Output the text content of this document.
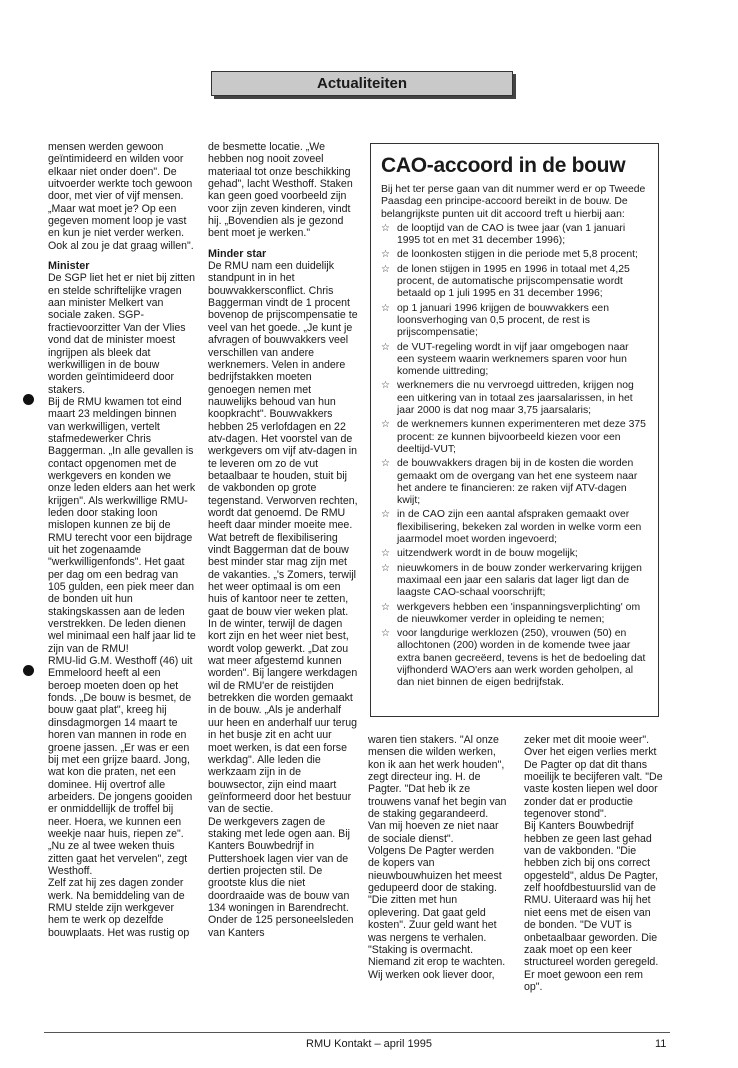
Actualiteiten

mensen werden gewoon geïntimideerd en wilden voor elkaar niet onder doen". De uitvoerder werkte toch gewoon door, met vier of vijf mensen. „Maar wat moet je? Op een gegeven moment loop je vast en kun je niet verder werken. Ook al zou je dat graag willen".

Minister

De SGP liet het er niet bij zitten en stelde schriftelijke vragen aan minister Melkert van sociale zaken. SGP-fractievoorzitter Van der Vlies vond dat de minister moest ingrijpen als bleek dat werkwilligen in de bouw worden geïntimideerd door stakers.

Bij de RMU kwamen tot eind maart 23 meldingen binnen van werkwilligen, vertelt stafmedewerker Chris Baggerman. „In alle gevallen is contact opgenomen met de werkgevers en konden we onze leden elders aan het werk krijgen". Als werkwillige RMU-leden door staking loon mislopen kunnen ze bij de RMU terecht voor een bijdrage uit het zogenaamde "werkwilligenfonds". Het gaat per dag om een bedrag van 105 gulden, een piek meer dan de bonden uit hun stakingskassen aan de leden verstrekken. De leden dienen wel minimaal een half jaar lid te zijn van de RMU!

RMU-lid G.M. Westhoff (46) uit Emmeloord heeft al een beroep moeten doen op het fonds. „De bouw is besmet, de bouw gaat plat", kreeg hij dinsdagmorgen 14 maart te horen van mannen in rode en groene jassen. „Er was er een bij met een grijze baard. Jong, wat kon die praten, net een dominee. Hij overtrof alle arbeiders. De jongens gooiden er onmiddellijk de troffel bij neer. Hoera, we kunnen een weekje naar huis, riepen ze". „Nu ze al twee weken thuis zitten gaat het vervelen", zegt Westhoff.

Zelf zat hij zes dagen zonder werk. Na bemiddeling van de RMU stelde zijn werkgever hem te werk op dezelfde bouwplaats. Het was rustig op

de besmette locatie. „We hebben nog nooit zoveel materiaal tot onze beschikking gehad", lacht Westhoff. Staken kan geen goed voorbeeld zijn voor zijn zeven kinderen, vindt hij. „Bovendien als je gezond bent moet je werken."

Minder star

De RMU nam een duidelijk standpunt in in het bouwvakkersconflict. Chris Baggerman vindt de 1 procent bovenop de prijscompensatie te veel van het goede. „Je kunt je afvragen of bouwvakkers veel verschillen van andere werknemers. Velen in andere bedrijfstakken moeten genoegen nemen met nauwelijks behoud van hun koopkracht". Bouwvakkers hebben 25 verlofdagen en 22 atv-dagen. Het voorstel van de werkgevers om vijf atv-dagen in te leveren om zo de vut betaalbaar te houden, stuit bij de vakbonden op grote tegenstand. Verworven rechten, wordt dat genoemd. De RMU heeft daar minder moeite mee. Wat betreft de flexibilisering vindt Baggerman dat de bouw best minder star mag zijn met de vakanties. „'s Zomers, terwijl het weer optimaal is om een huis of kantoor neer te zetten, gaat de bouw vier weken plat. In de winter, terwijl de dagen kort zijn en het weer niet best, wordt volop gewerkt. „Dat zou wat meer afgestemd kunnen worden". Bij langere werkdagen wil de RMU'er de reistijden betrekken die worden gemaakt in de bouw. „Als je anderhalf uur heen en anderhalf uur terug in het busje zit en acht uur moet werken, is dat een forse werkdag". Alle leden die werkzaam zijn in de bouwsector, zijn eind maart geïnformeerd door het bestuur van de sectie.

De werkgevers zagen de staking met lede ogen aan. Bij Kanters Bouwbedrijf in Puttershoek lagen vier van de dertien projecten stil. De grootste klus die niet doordraaide was de bouw van 134 woningen in Barendrecht. Onder de 125 personeelsleden van Kanters

CAO-accoord in de bouw

Bij het ter perse gaan van dit nummer werd er op Tweede Paasdag een principe-accoord bereikt in de bouw. De belangrijkste punten uit dit accoord treft u hierbij aan:

☆ de looptijd van de CAO is twee jaar (van 1 januari 1995 tot en met 31 december 1996);
☆ de loonkosten stijgen in die periode met 5,8 procent;
☆ de lonen stijgen in 1995 en 1996 in totaal met 4,25 procent, de automatische prijscompensatie wordt betaald op 1 juli 1995 en 31 december 1996;
☆ op 1 januari 1996 krijgen de bouwvakkers een loonsverhoging van 0,5 procent, de rest is prijscompensatie;
☆ de VUT-regeling wordt in vijf jaar omgebogen naar een systeem waarin werknemers sparen voor hun komende uittreding;
☆ werknemers die nu vervroegd uittreden, krijgen nog een uitkering van in totaal zes jaarsalarissen, in het jaar 2000 is dat nog maar 3,75 jaarsalaris;
☆ de werknemers kunnen experimenteren met deze 375 procent: ze kunnen bijvoorbeeld kiezen voor een deeltijd-VUT;
☆ de bouwvakkers dragen bij in de kosten die worden gemaakt om de overgang van het ene systeem naar het andere te financieren: ze raken vijf ATV-dagen kwijt;
☆ in de CAO zijn een aantal afspraken gemaakt over flexibilisering, bekeken zal worden in welke vorm een jaarmodel moet worden ingevoerd;
☆ uitzendwerk wordt in de bouw mogelijk;
☆ nieuwkomers in de bouw zonder werkervaring krijgen maximaal een jaar een salaris dat lager ligt dan de laagste CAO-schaal voorschrijft;
☆ werkgevers hebben een 'inspanningsverplichting' om de nieuwkomer verder in opleiding te nemen;
☆ voor langdurige werklozen (250), vrouwen (50) en allochtonen (200) worden in de komende twee jaar extra banen gecreëerd, tevens is het de bedoeling dat vijfhonderd WAO'ers aan werk worden geholpen, al dan niet binnen de eigen bedrijfstak.

waren tien stakers. "Al onze mensen die wilden werken, kon ik aan het werk houden", zegt directeur ing. H. de Pagter. "Dat heb ik ze trouwens vanaf het begin van de staking gegarandeerd. Van mij hoeven ze niet naar de sociale dienst".

Volgens De Pagter werden de kopers van nieuwbouwhuizen het meest gedupeerd door de staking. "Die zitten met hun oplevering. Dat gaat geld kosten". Zuur geld want het was nergens te verhalen. "Staking is overmacht. Niemand zit erop te wachten. Wij werken ook liever door,

zeker met dit mooie weer". Over het eigen verlies merkt De Pagter op dat dit thans moeilijk te becijferen valt. "De vaste kosten liepen wel door zonder dat er productie tegenover stond".

Bij Kanters Bouwbedrijf hebben ze geen last gehad van de vakbonden. "Die hebben zich bij ons correct opgesteld", aldus De Pagter, zelf hoofdbestuurslid van de RMU. Uiteraard was hij het niet eens met de eisen van de bonden. "De VUT is onbetaalbaar geworden. Die zaak moet op een keer structureel worden geregeld. Er moet gewoon een rem op".

RMU Kontakt – april 1995	11
